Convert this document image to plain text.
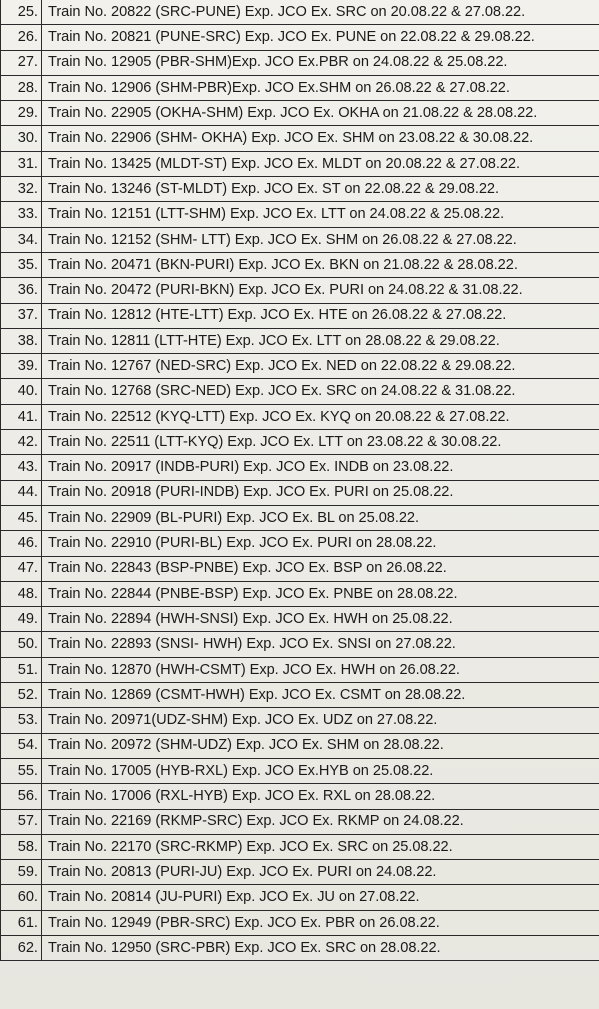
25.	Train No. 20822 (SRC-PUNE) Exp. JCO Ex. SRC on 20.08.22 & 27.08.22.
26.	Train No. 20821 (PUNE-SRC) Exp. JCO Ex. PUNE on 22.08.22 & 29.08.22.
27.	Train No. 12905 (PBR-SHM)Exp. JCO Ex.PBR on 24.08.22 & 25.08.22.
28.	Train No. 12906 (SHM-PBR)Exp. JCO Ex.SHM on 26.08.22 & 27.08.22.
29.	Train No. 22905 (OKHA-SHM) Exp. JCO Ex. OKHA on 21.08.22 & 28.08.22.
30.	Train No. 22906 (SHM- OKHA) Exp. JCO Ex. SHM on 23.08.22 & 30.08.22.
31.	Train No. 13425 (MLDT-ST) Exp. JCO Ex. MLDT on 20.08.22 & 27.08.22.
32.	Train No. 13246 (ST-MLDT) Exp. JCO Ex. ST on 22.08.22 & 29.08.22.
33.	Train No. 12151 (LTT-SHM) Exp. JCO Ex. LTT on 24.08.22 & 25.08.22.
34.	Train No. 12152 (SHM- LTT) Exp. JCO Ex. SHM on 26.08.22 & 27.08.22.
35.	Train No. 20471 (BKN-PURI) Exp. JCO Ex. BKN on 21.08.22 & 28.08.22.
36.	Train No. 20472 (PURI-BKN) Exp. JCO Ex. PURI on 24.08.22 & 31.08.22.
37.	Train No. 12812 (HTE-LTT) Exp. JCO Ex. HTE on 26.08.22 & 27.08.22.
38.	Train No. 12811 (LTT-HTE) Exp. JCO Ex. LTT on 28.08.22 & 29.08.22.
39.	Train No. 12767 (NED-SRC) Exp. JCO Ex. NED on 22.08.22 & 29.08.22.
40.	Train No. 12768 (SRC-NED) Exp. JCO Ex. SRC on 24.08.22 & 31.08.22.
41.	Train No. 22512 (KYQ-LTT) Exp. JCO Ex. KYQ on 20.08.22 & 27.08.22.
42.	Train No. 22511 (LTT-KYQ) Exp. JCO Ex. LTT on 23.08.22 & 30.08.22.
43.	Train No. 20917 (INDB-PURI) Exp. JCO Ex. INDB on 23.08.22.
44.	Train No. 20918 (PURI-INDB) Exp. JCO Ex. PURI on 25.08.22.
45.	Train No. 22909 (BL-PURI) Exp. JCO Ex. BL on 25.08.22.
46.	Train No. 22910 (PURI-BL) Exp. JCO Ex. PURI on 28.08.22.
47.	Train No. 22843 (BSP-PNBE) Exp. JCO Ex. BSP on 26.08.22.
48.	Train No. 22844 (PNBE-BSP) Exp. JCO Ex. PNBE on 28.08.22.
49.	Train No. 22894 (HWH-SNSI) Exp. JCO Ex. HWH on 25.08.22.
50.	Train No. 22893 (SNSI- HWH) Exp. JCO Ex. SNSI on 27.08.22.
51.	Train No. 12870 (HWH-CSMT) Exp. JCO Ex. HWH on 26.08.22.
52.	Train No. 12869 (CSMT-HWH) Exp. JCO Ex. CSMT on 28.08.22.
53.	Train No. 20971(UDZ-SHM) Exp. JCO Ex. UDZ on 27.08.22.
54.	Train No. 20972 (SHM-UDZ) Exp. JCO Ex. SHM on 28.08.22.
55.	Train No. 17005 (HYB-RXL) Exp. JCO Ex.HYB on 25.08.22.
56.	Train No. 17006 (RXL-HYB) Exp. JCO Ex. RXL on 28.08.22.
57.	Train No. 22169 (RKMP-SRC) Exp. JCO Ex. RKMP on 24.08.22.
58.	Train No. 22170 (SRC-RKMP) Exp. JCO Ex. SRC on 25.08.22.
59.	Train No. 20813 (PURI-JU) Exp. JCO Ex. PURI on 24.08.22.
60.	Train No. 20814 (JU-PURI) Exp. JCO Ex. JU on 27.08.22.
61.	Train No. 12949 (PBR-SRC) Exp. JCO Ex. PBR on 26.08.22.
62.	Train No. 12950 (SRC-PBR) Exp. JCO Ex. SRC on 28.08.22.
